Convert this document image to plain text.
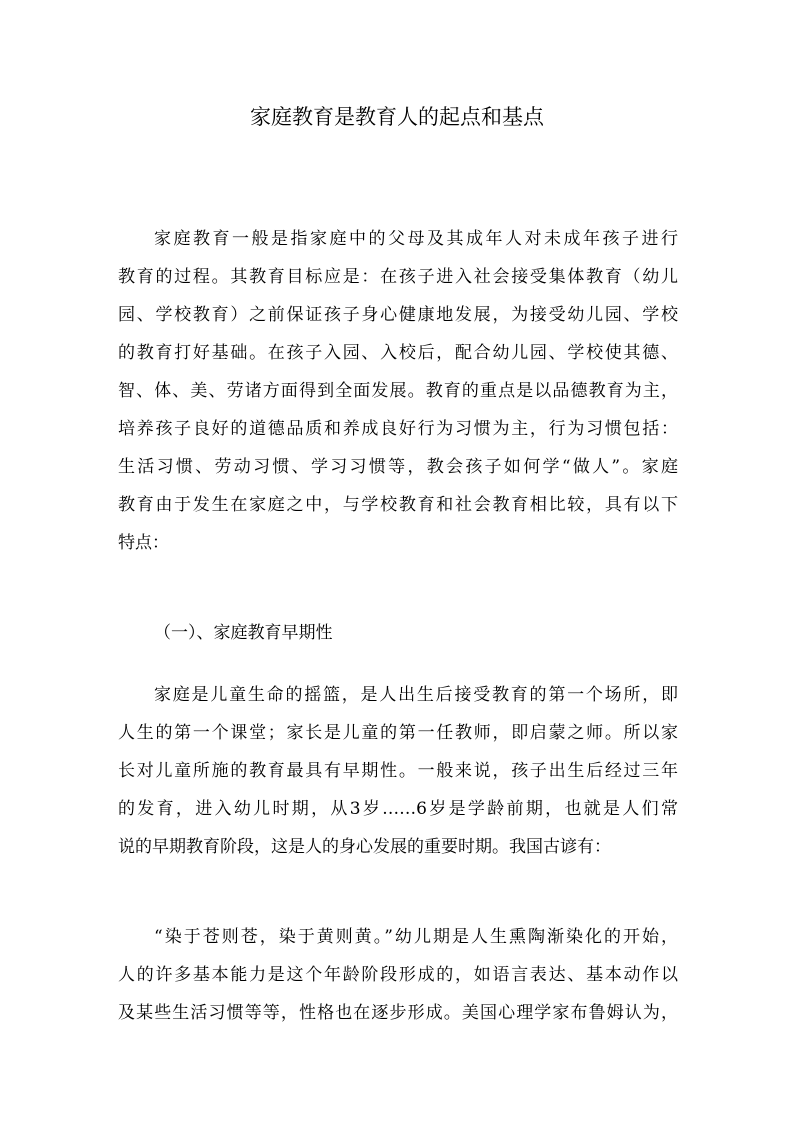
家庭教育是教育人的起点和基点
家庭教育一般是指家庭中的父母及其成年人对未成年孩子进行
教育的过程。其教育目标应是：在孩子进入社会接受集体教育（幼儿
园、学校教育）之前保证孩子身心健康地发展，为接受幼儿园、学校
的教育打好基础。在孩子入园、入校后，配合幼儿园、学校使其德、
智、体、美、劳诸方面得到全面发展。教育的重点是以品德教育为主，
培养孩子良好的道德品质和养成良好行为习惯为主，行为习惯包括：
生活习惯、劳动习惯、学习习惯等，教会孩子如何学“做人”。家庭
教育由于发生在家庭之中，与学校教育和社会教育相比较，具有以下
特点：
（一）、家庭教育早期性
家庭是儿童生命的摇篮，是人出生后接受教育的第一个场所，即
人生的第一个课堂；家长是儿童的第一任教师，即启蒙之师。所以家
长对儿童所施的教育最具有早期性。一般来说，孩子出生后经过三年
的发育，进入幼儿时期，从3岁……6岁是学龄前期，也就是人们常
说的早期教育阶段，这是人的身心发展的重要时期。我国古谚有：
“染于苍则苍，染于黄则黄。”幼儿期是人生熏陶渐染化的开始，
人的许多基本能力是这个年龄阶段形成的，如语言表达、基本动作以
及某些生活习惯等等，性格也在逐步形成。美国心理学家布鲁姆认为，
